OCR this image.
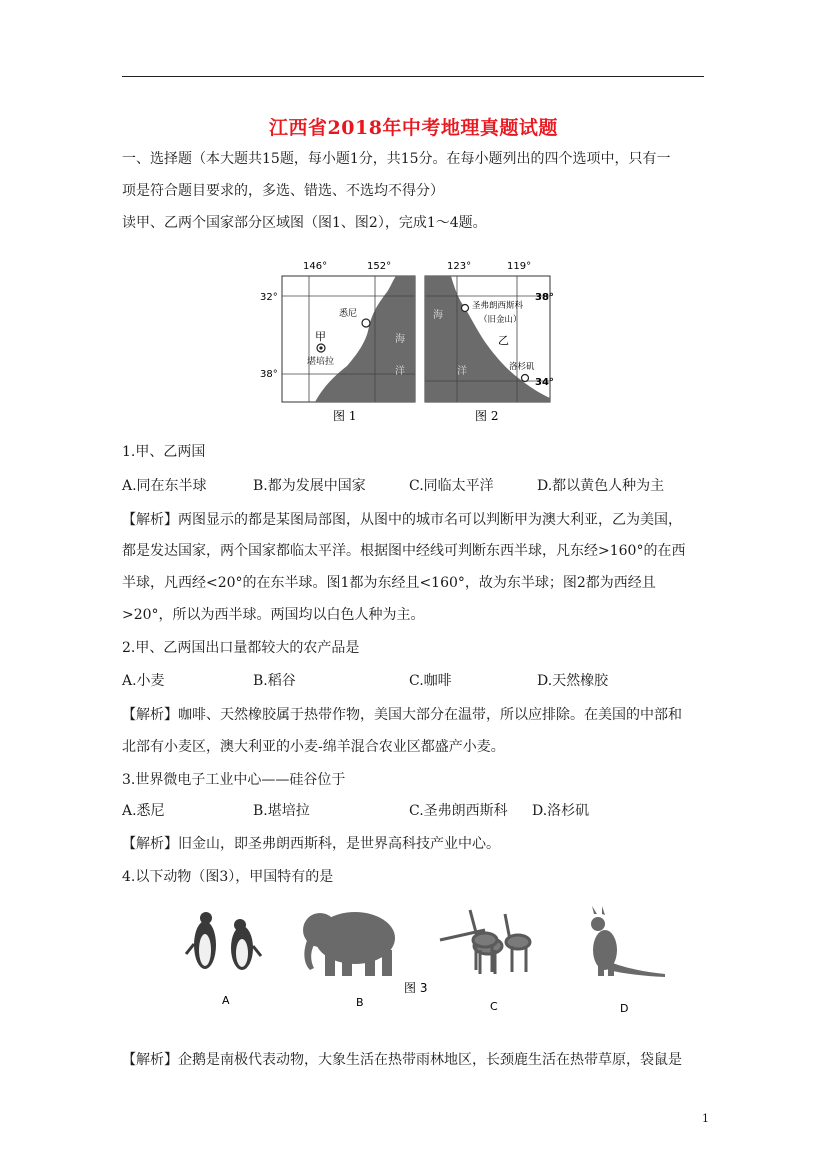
江西省2018年中考地理真题试题

一、选择题（本大题共15题，每小题1分，共15分。在每小题列出的四个选项中，只有一

项是符合题目要求的，多选、错选、不选均不得分）

读甲、乙两个国家部分区域图（图1、图2），完成1～4题。

146°	152°
32°
38°
悉尼
堪培拉
甲	海
洋
图 1
123°	119°
38°
34°
圣弗朗西斯科
（旧金山）
洛杉矶
乙
海
洋
图 2

1.甲、乙两国

A.同在东半球	B.都为发展中国家	C.同临太平洋	D.都以黄色人种为主

【解析】两图显示的都是某图局部图，从图中的城市名可以判断甲为澳大利亚，乙为美国，

都是发达国家，两个国家都临太平洋。根据图中经线可判断东西半球，凡东经>160°的在西

半球，凡西经<20°的在东半球。图1都为东经且<160°，故为东半球；图2都为西经且

>20°，所以为西半球。两国均以白色人种为主。

2.甲、乙两国出口量都较大的农产品是

A.小麦	B.稻谷	C.咖啡	D.天然橡胶

【解析】咖啡、天然橡胶属于热带作物，美国大部分在温带，所以应排除。在美国的中部和

北部有小麦区，澳大利亚的小麦-绵羊混合农业区都盛产小麦。

3.世界微电子工业中心——硅谷位于

A.悉尼	B.堪培拉	C.圣弗朗西斯科 D.洛杉矶

【解析】旧金山，即圣弗朗西斯科，是世界高科技产业中心。

4.以下动物（图3），甲国特有的是

A	B
图 3
C	D

【解析】企鹅是南极代表动物，大象生活在热带雨林地区，长颈鹿生活在热带草原，袋鼠是

1
